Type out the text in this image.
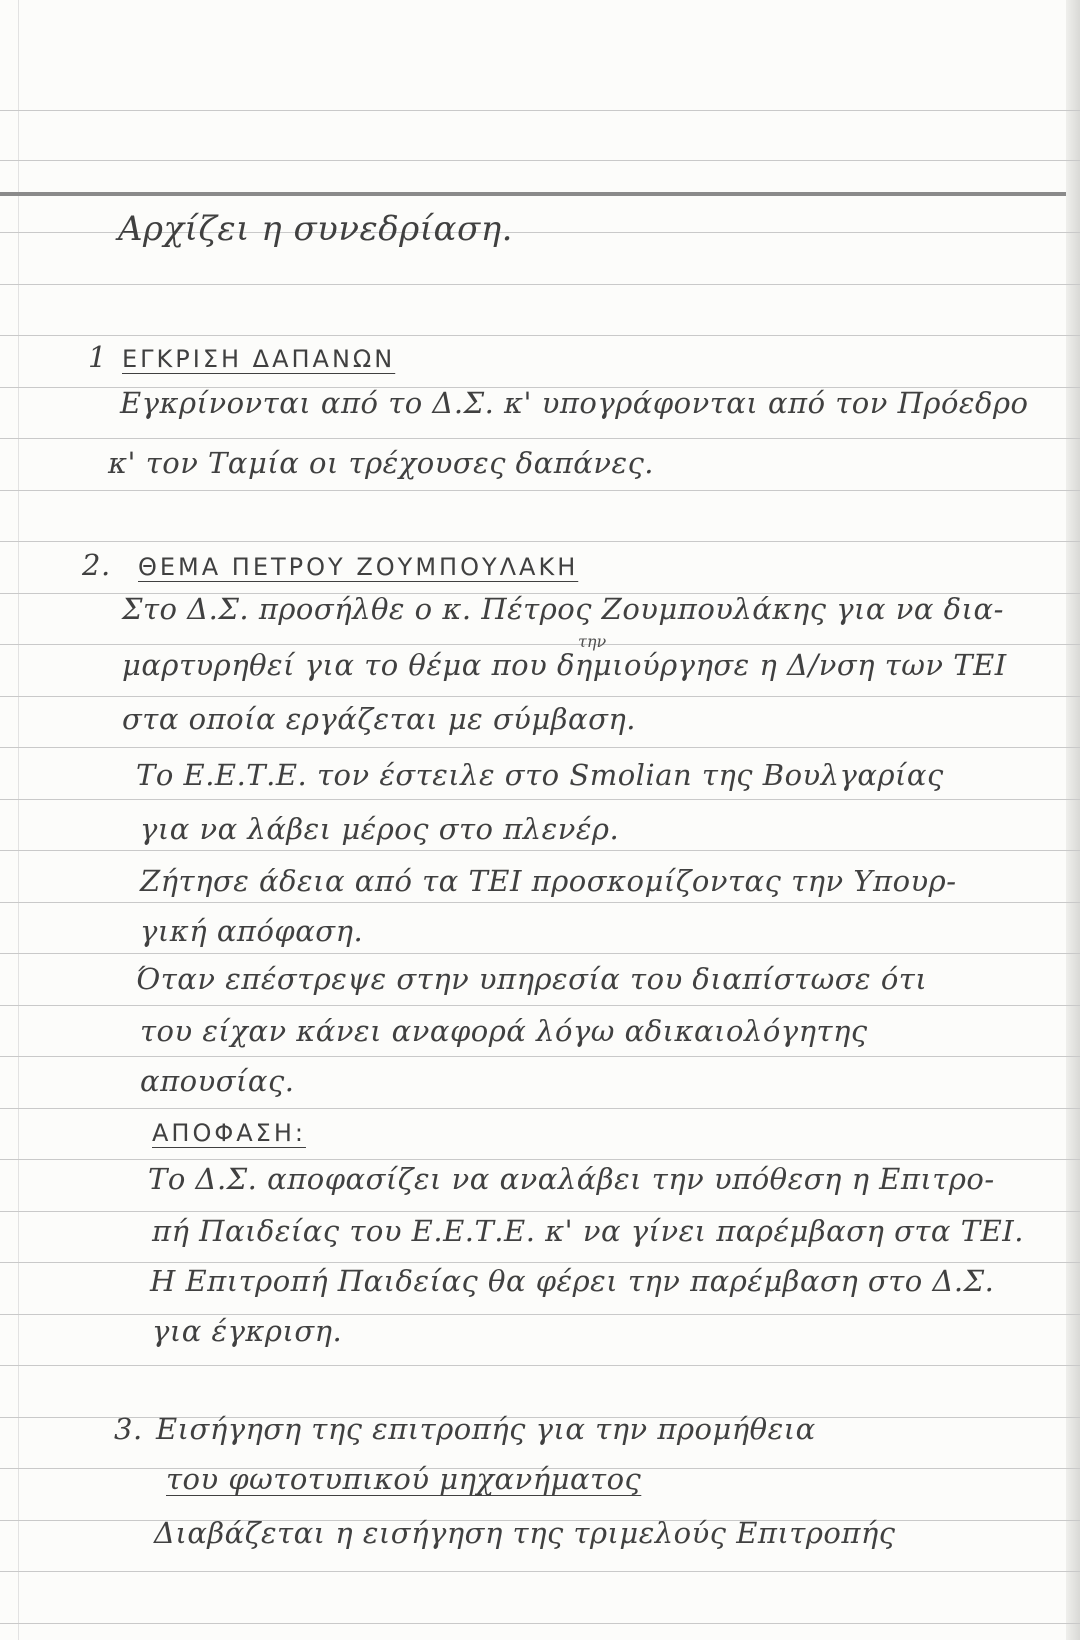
Αρχίζει η συνεδρίαση.
1 ΕΓΚΡΙΣΗ ΔΑΠΑΝΩΝ
Εγκρίνονται από το Δ.Σ. κ' υπογράφονται από τον Πρόεδρο
κ' τον Ταμία οι τρέχουσες δαπάνες.
2. ΘΕΜΑ ΠΕΤΡΟΥ ΖΟΥΜΠΟΥΛΑΚΗ
Στο Δ.Σ. προσήλθε ο κ. Πέτρος Ζουμπουλάκης για να δια-
την
μαρτυρηθεί για το θέμα που δημιούργησε η Δ/νση των ΤΕΙ
στα οποία εργάζεται με σύμβαση.
Το Ε.Ε.Τ.Ε. τον έστειλε στο Smolian της Βουλγαρίας
για να λάβει μέρος στο πλενέρ.
Ζήτησε άδεια από τα ΤΕΙ προσκομίζοντας την Υπουρ-
γική απόφαση.
Όταν επέστρεψε στην υπηρεσία του διαπίστωσε ότι
του είχαν κάνει αναφορά λόγω αδικαιολόγητης
απουσίας.
ΑΠΟΦΑΣΗ:
Το Δ.Σ. αποφασίζει να αναλάβει την υπόθεση η Επιτρο-
πή Παιδείας του Ε.Ε.Τ.Ε. κ' να γίνει παρέμβαση στα ΤΕΙ.
Η Επιτροπή Παιδείας θα φέρει την παρέμβαση στο Δ.Σ.
για έγκριση.
3. Εισήγηση της επιτροπής για την προμήθεια
του φωτοτυπικού μηχανήματος
Διαβάζεται η εισήγηση της τριμελούς Επιτροπής
